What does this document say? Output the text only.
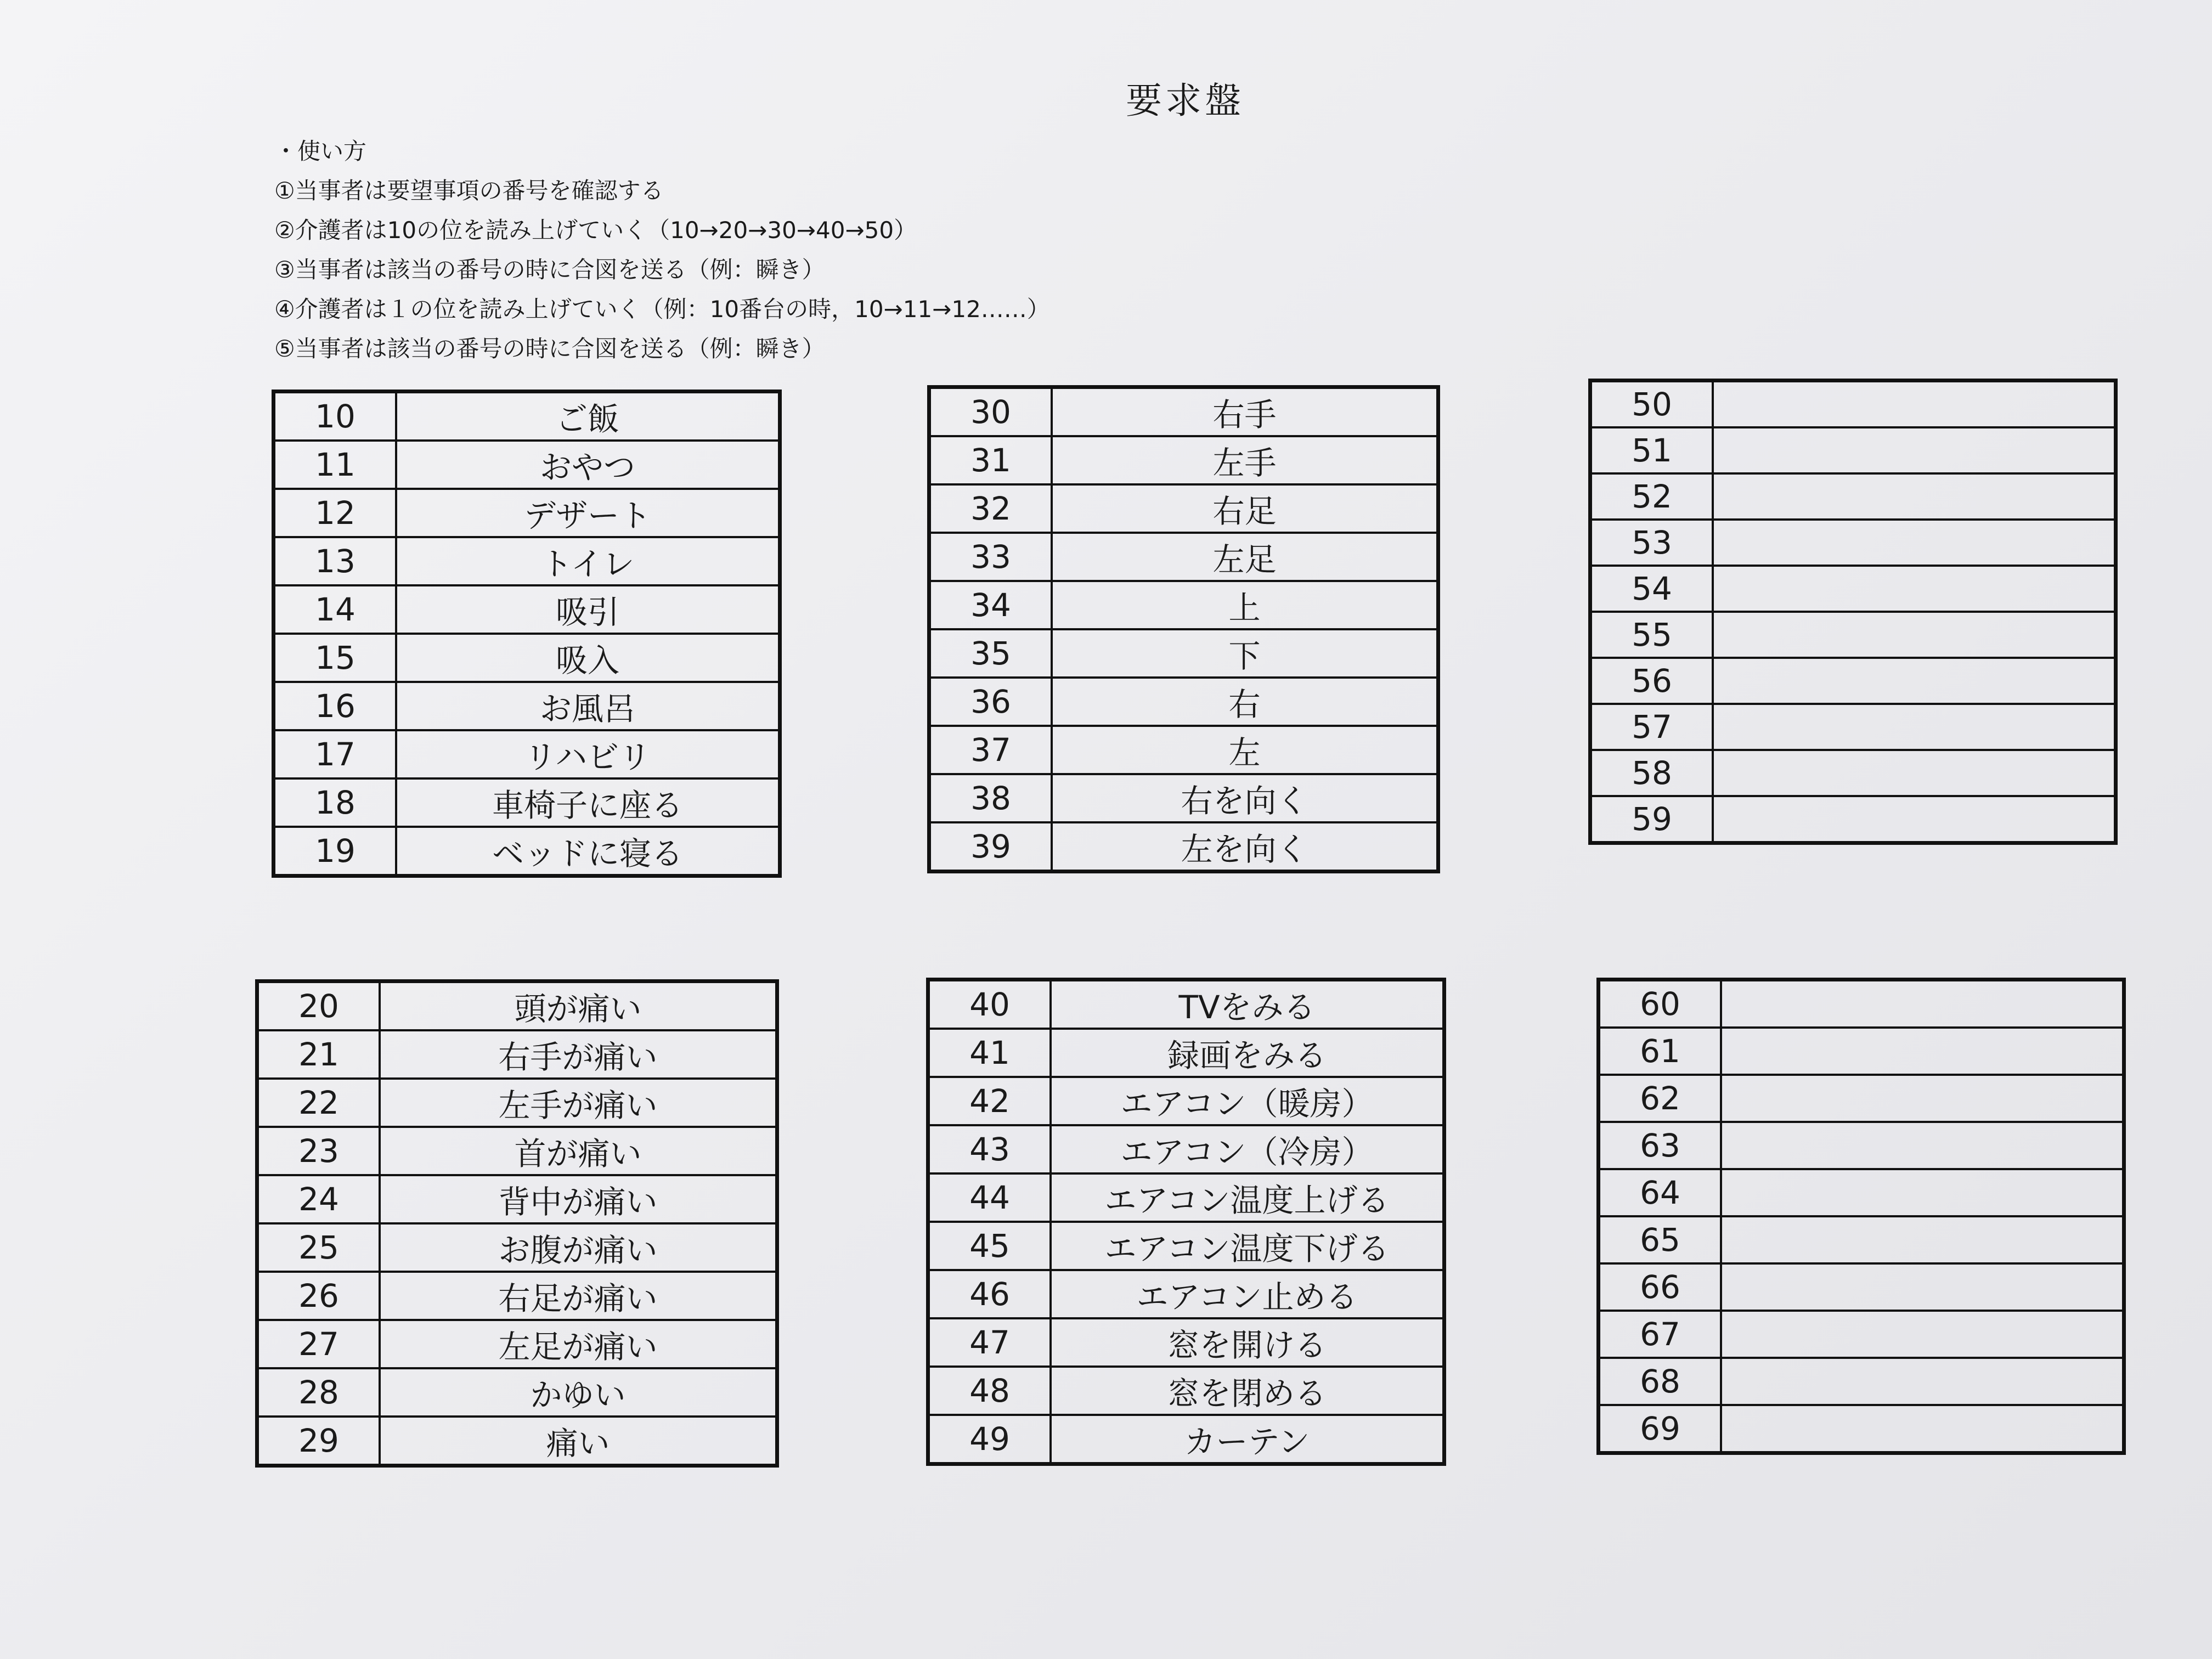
要求盤
・使い方
①当事者は要望事項の番号を確認する
②介護者は10の位を読み上げていく（10→20→30→40→50）
③当事者は該当の番号の時に合図を送る（例：瞬き）
④介護者は１の位を読み上げていく（例：10番台の時，10→11→12……）
⑤当事者は該当の番号の時に合図を送る（例：瞬き）
10	ご飯
11	おやつ
12	デザート
13	トイレ
14	吸引
15	吸入
16	お風呂
17	リハビリ
18	車椅子に座る
19	ベッドに寝る
30	右手
31	左手
32	右足
33	左足
34	上
35	下
36	右
37	左
38	右を向く
39	左を向く
50	
51	
52	
53	
54	
55	
56	
57	
58	
59	
20	頭が痛い
21	右手が痛い
22	左手が痛い
23	首が痛い
24	背中が痛い
25	お腹が痛い
26	右足が痛い
27	左足が痛い
28	かゆい
29	痛い
40	TVをみる
41	録画をみる
42	エアコン（暖房）
43	エアコン（冷房）
44	エアコン温度上げる
45	エアコン温度下げる
46	エアコン止める
47	窓を開ける
48	窓を閉める
49	カーテン
60	
61	
62	
63	
64	
65	
66	
67	
68	
69	
